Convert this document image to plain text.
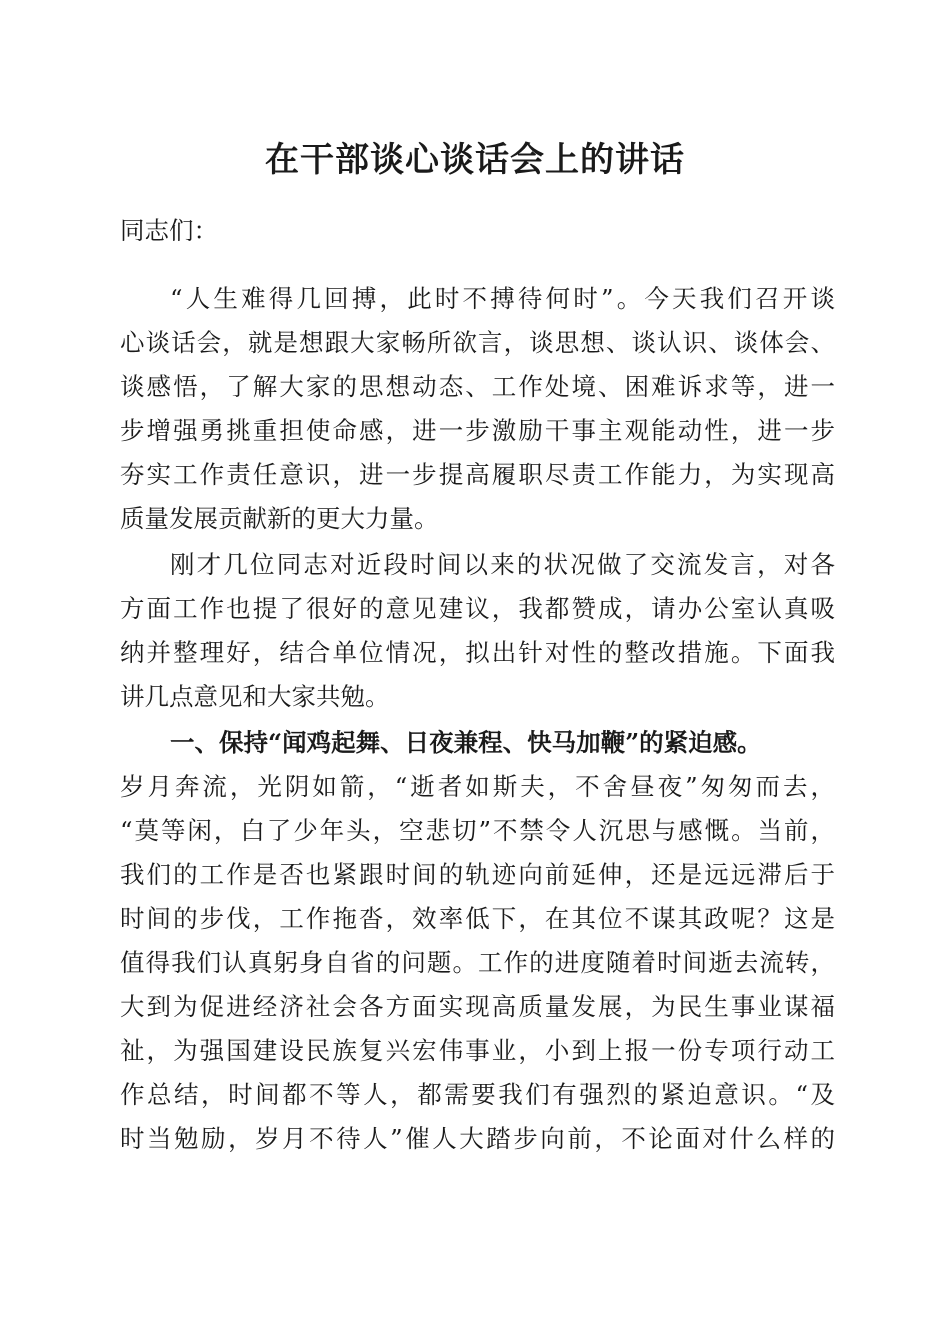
在干部谈心谈话会上的讲话
同志们：
“人生难得几回搏，此时不搏待何时”。今天我们召开谈
心谈话会，就是想跟大家畅所欲言，谈思想、谈认识、谈体会、
谈感悟，了解大家的思想动态、工作处境、困难诉求等，进一
步增强勇挑重担使命感，进一步激励干事主观能动性，进一步
夯实工作责任意识，进一步提高履职尽责工作能力，为实现高
质量发展贡献新的更大力量。
刚才几位同志对近段时间以来的状况做了交流发言，对各
方面工作也提了很好的意见建议，我都赞成，请办公室认真吸
纳并整理好，结合单位情况，拟出针对性的整改措施。下面我
讲几点意见和大家共勉。
一、保持“闻鸡起舞、日夜兼程、快马加鞭”的紧迫感。
岁月奔流，光阴如箭，“逝者如斯夫，不舍昼夜”匆匆而去，
“莫等闲，白了少年头，空悲切”不禁令人沉思与感慨。当前，
我们的工作是否也紧跟时间的轨迹向前延伸，还是远远滞后于
时间的步伐，工作拖沓，效率低下，在其位不谋其政呢？这是
值得我们认真躬身自省的问题。工作的进度随着时间逝去流转，
大到为促进经济社会各方面实现高质量发展，为民生事业谋福
祉，为强国建设民族复兴宏伟事业，小到上报一份专项行动工
作总结，时间都不等人，都需要我们有强烈的紧迫意识。“及
时当勉励，岁月不待人”催人大踏步向前，不论面对什么样的
